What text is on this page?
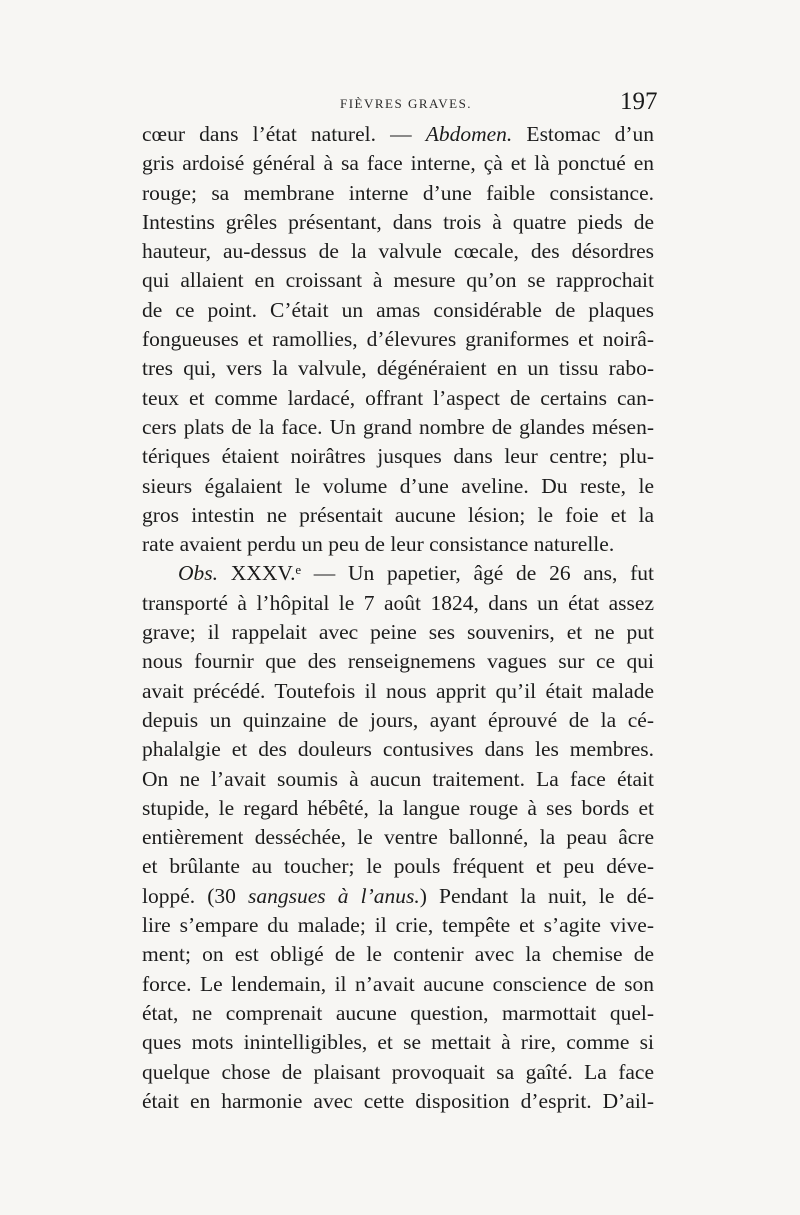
FIÈVRES GRAVES.	197
cœur dans l’état naturel. — Abdomen. Estomac d’un
gris ardoisé général à sa face interne, çà et là ponctué en
rouge; sa membrane interne d’une faible consistance.
Intestins grêles présentant, dans trois à quatre pieds de
hauteur, au-dessus de la valvule cœcale, des désordres
qui allaient en croissant à mesure qu’on se rapprochait
de ce point. C’était un amas considérable de plaques
fongueuses et ramollies, d’élevures graniformes et noirâ-
tres qui, vers la valvule, dégénéraient en un tissu rabo-
teux et comme lardacé, offrant l’aspect de certains can-
cers plats de la face. Un grand nombre de glandes mésen-
tériques étaient noirâtres jusques dans leur centre; plu-
sieurs égalaient le volume d’une aveline. Du reste, le
gros intestin ne présentait aucune lésion; le foie et la
rate avaient perdu un peu de leur consistance naturelle.
Obs. XXXV.ᵉ — Un papetier, âgé de 26 ans, fut
transporté à l’hôpital le 7 août 1824, dans un état assez
grave; il rappelait avec peine ses souvenirs, et ne put
nous fournir que des renseignemens vagues sur ce qui
avait précédé. Toutefois il nous apprit qu’il était malade
depuis un quinzaine de jours, ayant éprouvé de la cé-
phalalgie et des douleurs contusives dans les membres.
On ne l’avait soumis à aucun traitement. La face était
stupide, le regard hébêté, la langue rouge à ses bords et
entièrement desséchée, le ventre ballonné, la peau âcre
et brûlante au toucher; le pouls fréquent et peu déve-
loppé. (30 sangsues à l’anus.) Pendant la nuit, le dé-
lire s’empare du malade; il crie, tempête et s’agite vive-
ment; on est obligé de le contenir avec la chemise de
force. Le lendemain, il n’avait aucune conscience de son
état, ne comprenait aucune question, marmottait quel-
ques mots inintelligibles, et se mettait à rire, comme si
quelque chose de plaisant provoquait sa gaîté. La face
était en harmonie avec cette disposition d’esprit. D’ail-
